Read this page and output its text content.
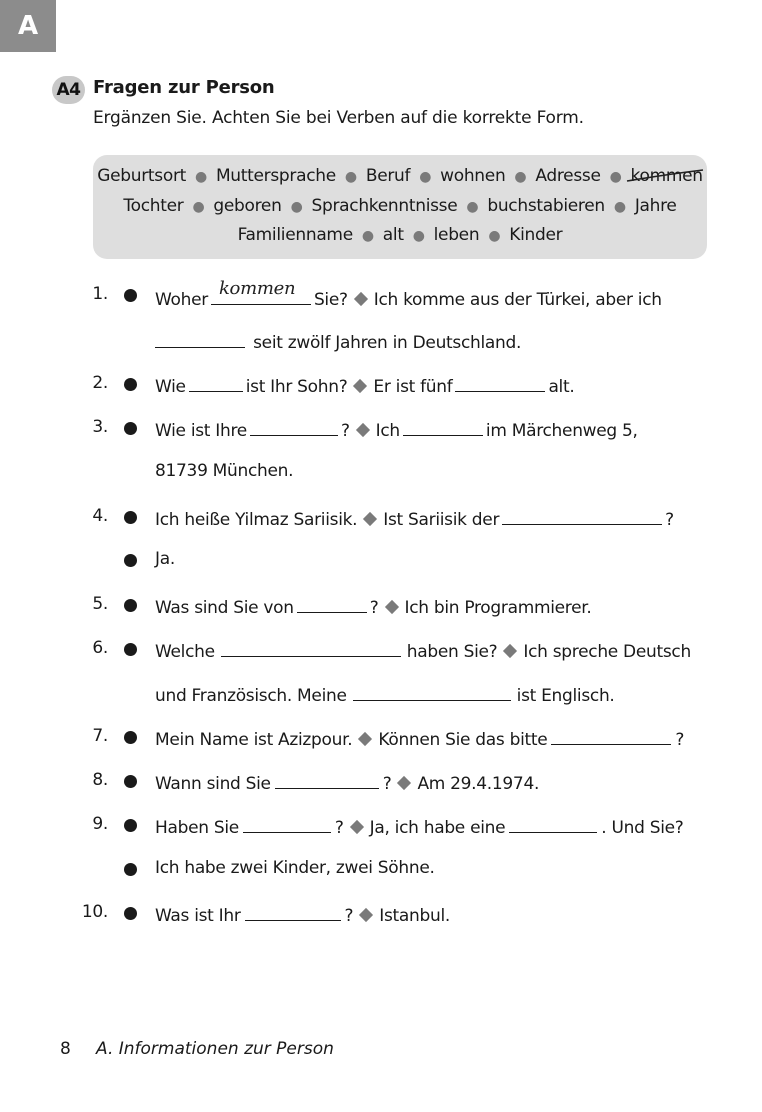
A
A4 Fragen zur Person
Ergänzen Sie. Achten Sie bei Verben auf die korrekte Form.
Geburtsort ● Muttersprache ● Beruf ● wohnen ● Adresse ● kommen
Tochter ● geboren ● Sprachkenntnisse ● buchstabieren ● Jahre
Familienname ● alt ● leben ● Kinder
1.	Woher
kommen
Sie? Ich komme aus der Türkei, aber ich
seit zwölf Jahren in Deutschland.
2.	Wie	ist Ihr Sohn? Er ist fünf	alt.
3.	Wie ist Ihre	? Ich	im Märchenweg 5,
81739 München.
4.	Ich heiße Yilmaz Sariisik. Ist Sariisik der	?
Ja.
5.	Was sind Sie von	? Ich bin Programmierer.
6.	Welche	haben Sie? Ich spreche Deutsch
und Französisch. Meine	ist Englisch.
7.	Mein Name ist Azizpour. Können Sie das bitte	?
8.	Wann sind Sie	? Am 29.4.1974.
9.	Haben Sie	? Ja, ich habe eine	. Und Sie?
Ich habe zwei Kinder, zwei Söhne.
10.	Was ist Ihr	? Istanbul.
8 A. Informationen zur Person
